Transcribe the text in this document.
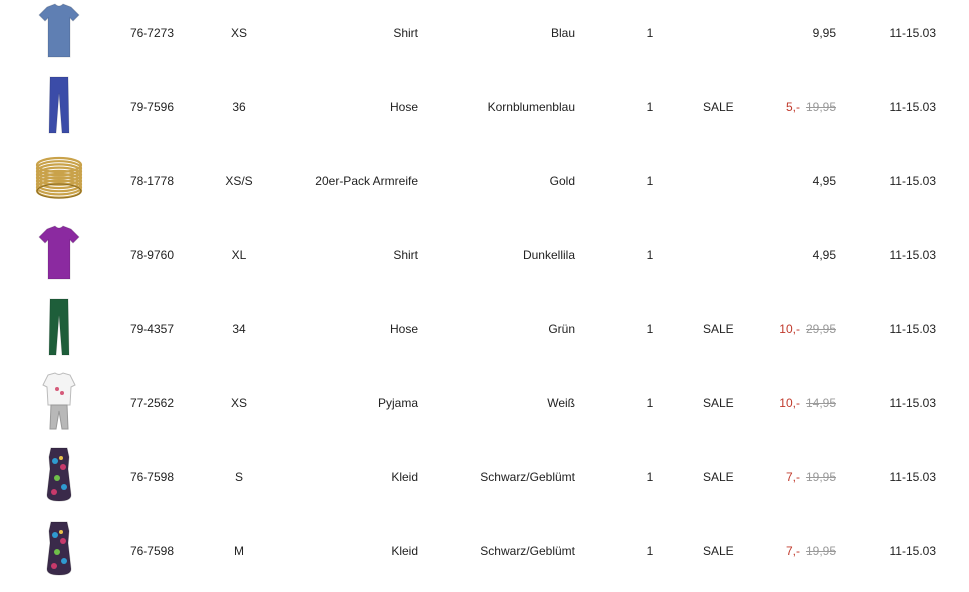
76-7273	XS	Shirt	Blau	1	9,95	11-15.03
79-7596	36	Hose	Kornblumenblau	1	SALE	5,- 19,95	11-15.03
78-1778	XS/S	20er-Pack Armreife	Gold	1	4,95	11-15.03
78-9760	XL	Shirt	Dunkellila	1	4,95	11-15.03
79-4357	34	Hose	Grün	1	SALE	10,- 29,95	11-15.03
77-2562	XS	Pyjama	Weiß	1	SALE	10,- 14,95	11-15.03
76-7598	S	Kleid	Schwarz/Geblümt	1	SALE	7,- 19,95	11-15.03
76-7598	M	Kleid	Schwarz/Geblümt	1	SALE	7,- 19,95	11-15.03
